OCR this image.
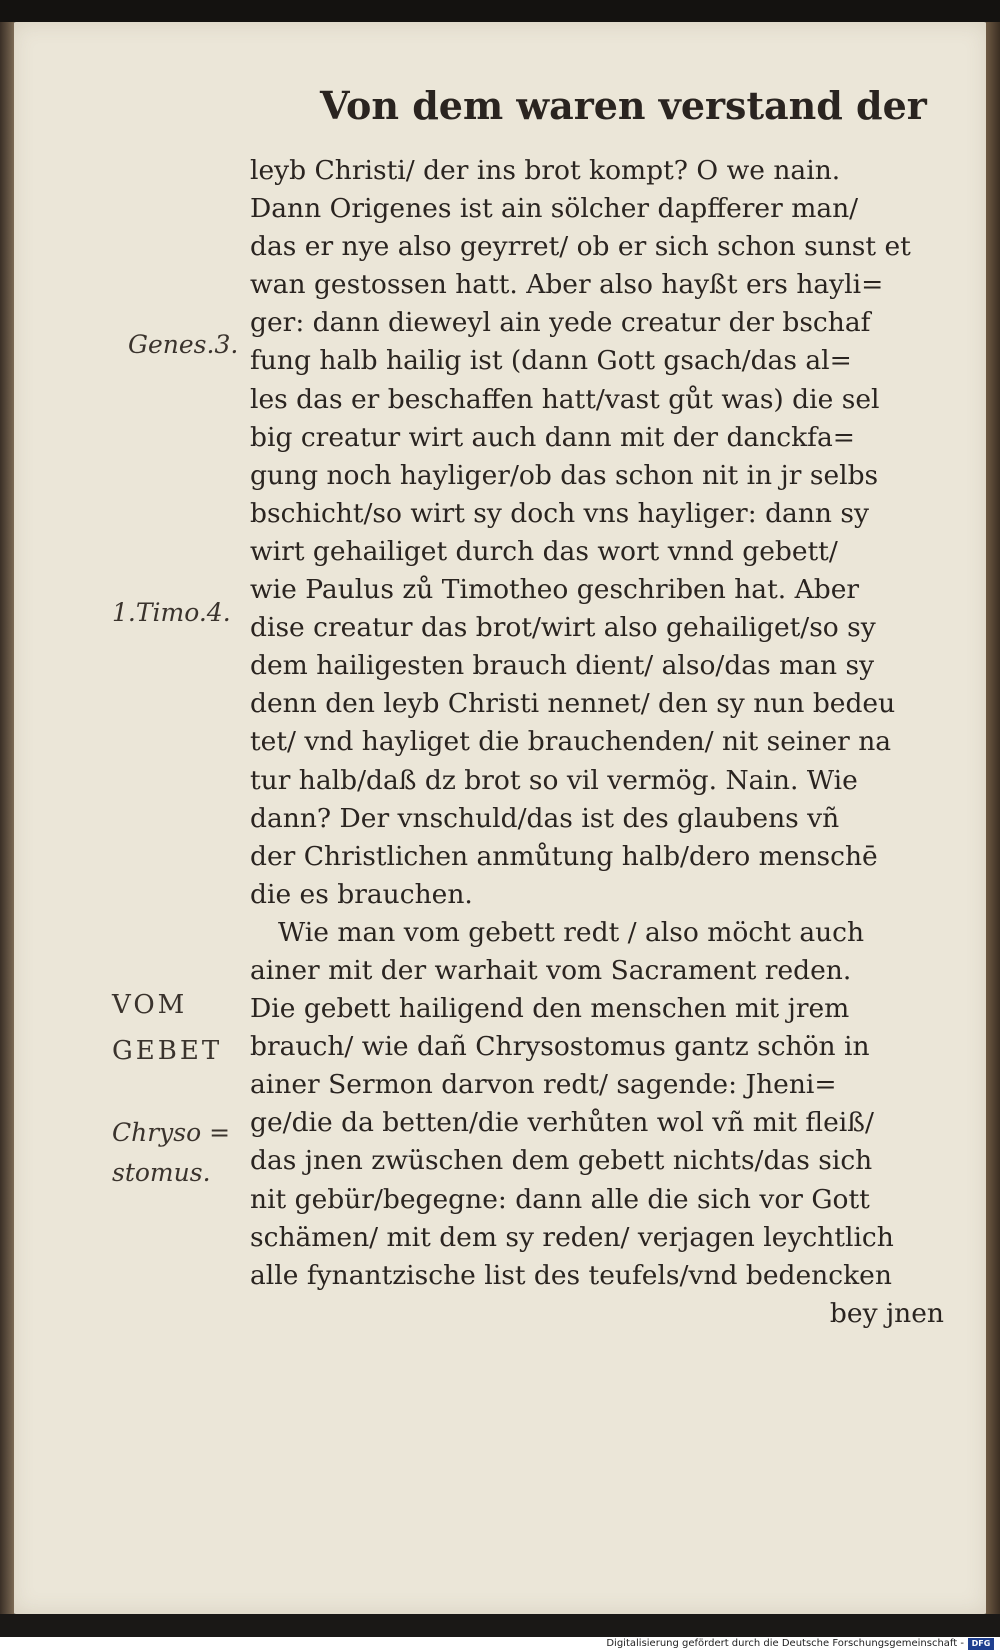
Von dem waren verstand der
Genes.3.
1.Timo.4.
VOM
GEBET
Chryso =
stomus.
leyb Christi/ der ins brot kompt? O we nain.
Dann Origenes ist ain sölcher dapfferer man/
das er nye also geyrret/ ob er sich schon sunst et
wan gestossen hatt. Aber also hayßt ers hayli=
ger: dann dieweyl ain yede creatur der bschaf
fung halb hailig ist (dann Gott gsach/das al=
les das er beschaffen hatt/vast gůt was) die sel
big creatur wirt auch dann mit der danckfa=
gung noch hayliger/ob das schon nit in jr selbs
bschicht/so wirt sy doch vns hayliger: dann sy
wirt gehailiget durch das wort vnnd gebett/
wie Paulus zů Timotheo geschriben hat. Aber
dise creatur das brot/wirt also gehailiget/so sy
dem hailigesten brauch dient/ also/das man sy
denn den leyb Christi nennet/ den sy nun bedeu
tet/ vnd hayliget die brauchenden/ nit seiner na
tur halb/daß dz brot so vil vermög. Nain. Wie
dann? Der vnschuld/das ist des glaubens vñ
der Christlichen anmůtung halb/dero menschē
die es brauchen.
Wie man vom gebett redt / also möcht auch
ainer mit der warhait vom Sacrament reden.
Die gebett hailigend den menschen mit jrem
brauch/ wie dañ Chrysostomus gantz schön in
ainer Sermon darvon redt/ sagende: Jheni=
ge/die da betten/die verhůten wol vñ mit fleiß/
das jnen zwüschen dem gebett nichts/das sich
nit gebür/begegne: dann alle die sich vor Gott
schämen/ mit dem sy reden/ verjagen leychtlich
alle fynantzische list des teufels/vnd bedencken
bey jnen
Digitalisierung gefördert durch die Deutsche Forschungsgemeinschaft - DFG
